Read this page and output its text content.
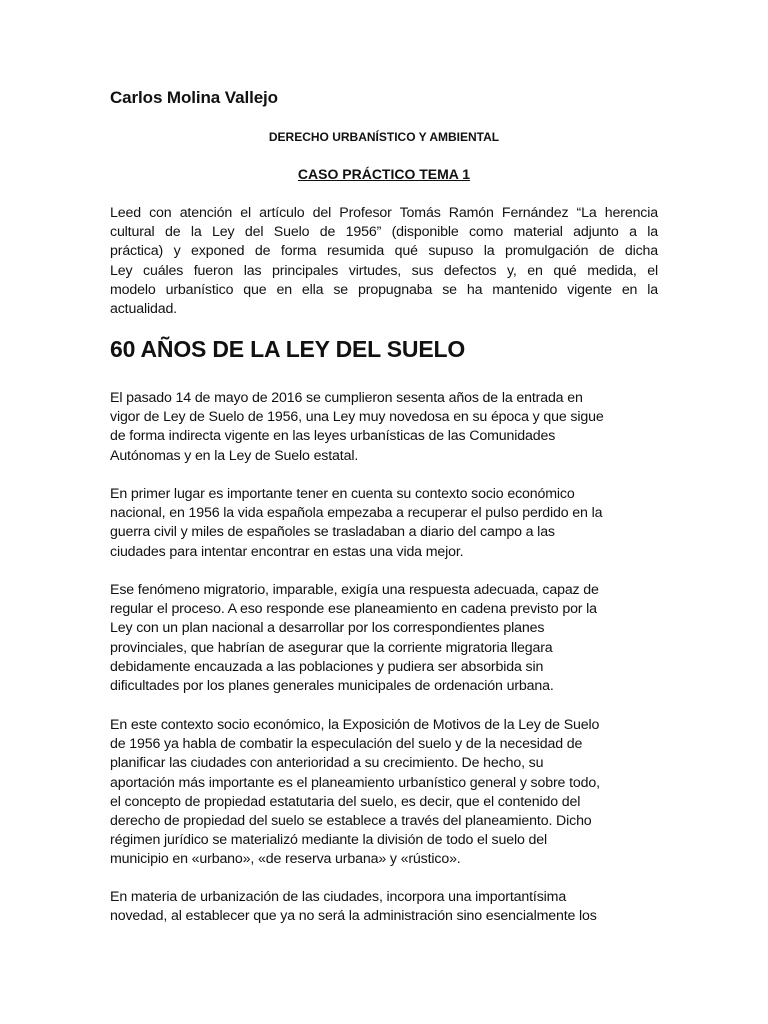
Carlos Molina Vallejo
DERECHO URBANÍSTICO Y AMBIENTAL
CASO PRÁCTICO TEMA 1
Leed con atención el artículo del Profesor Tomás Ramón Fernández “La herencia
cultural de la Ley del Suelo de 1956” (disponible como material adjunto a la
práctica) y exponed de forma resumida qué supuso la promulgación de dicha
Ley cuáles fueron las principales virtudes, sus defectos y, en qué medida, el
modelo urbanístico que en ella se propugnaba se ha mantenido vigente en la
actualidad.
60 AÑOS DE LA LEY DEL SUELO
El pasado 14 de mayo de 2016 se cumplieron sesenta años de la entrada en
vigor de Ley de Suelo de 1956, una Ley muy novedosa en su época y que sigue
de forma indirecta vigente en las leyes urbanísticas de las Comunidades
Autónomas y en la Ley de Suelo estatal.
En primer lugar es importante tener en cuenta su contexto socio económico
nacional, en 1956 la vida española empezaba a recuperar el pulso perdido en la
guerra civil y miles de españoles se trasladaban a diario del campo a las
ciudades para intentar encontrar en estas una vida mejor.
Ese fenómeno migratorio, imparable, exigía una respuesta adecuada, capaz de
regular el proceso. A eso responde ese planeamiento en cadena previsto por la
Ley con un plan nacional a desarrollar por los correspondientes planes
provinciales, que habrían de asegurar que la corriente migratoria llegara
debidamente encauzada a las poblaciones y pudiera ser absorbida sin
dificultades por los planes generales municipales de ordenación urbana.
En este contexto socio económico, la Exposición de Motivos de la Ley de Suelo
de 1956 ya habla de combatir la especulación del suelo y de la necesidad de
planificar las ciudades con anterioridad a su crecimiento. De hecho, su
aportación más importante es el planeamiento urbanístico general y sobre todo,
el concepto de propiedad estatutaria del suelo, es decir, que el contenido del
derecho de propiedad del suelo se establece a través del planeamiento. Dicho
régimen jurídico se materializó mediante la división de todo el suelo del
municipio en «urbano», «de reserva urbana» y «rústico».
En materia de urbanización de las ciudades, incorpora una importantísima
novedad, al establecer que ya no será la administración sino esencialmente los
